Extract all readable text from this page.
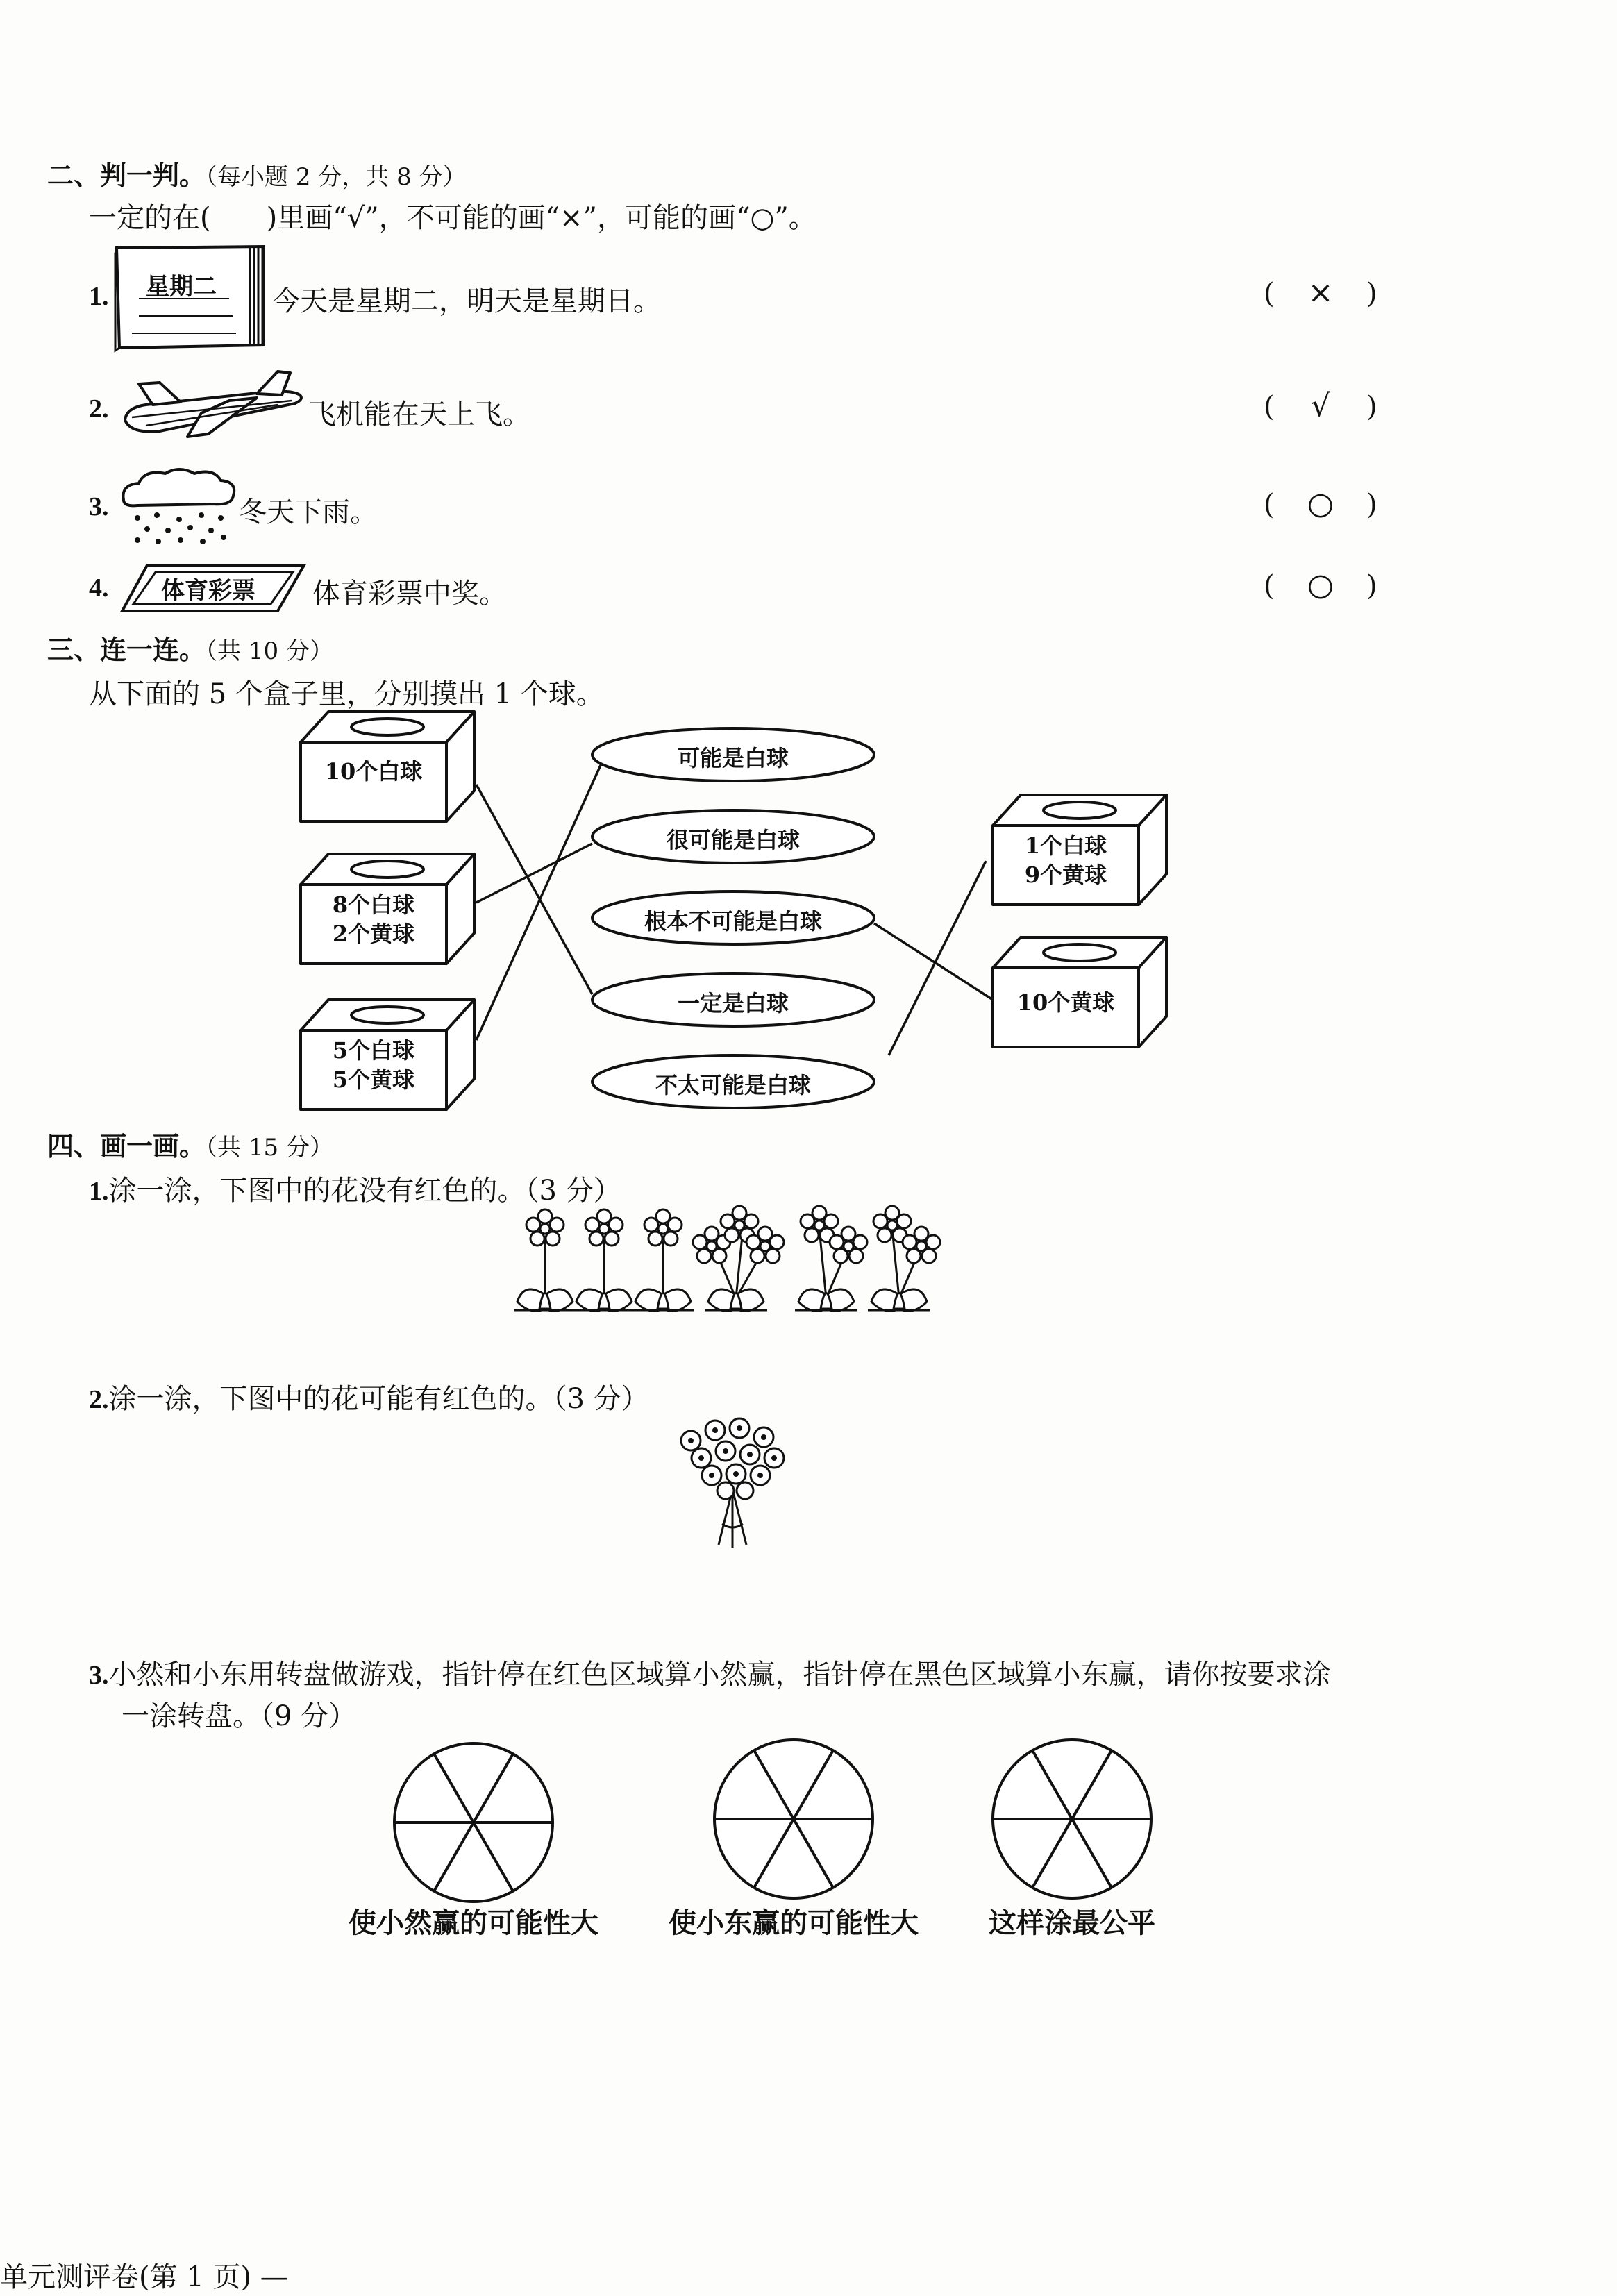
二、判一判。（每小题 2 分，共 8 分）
一定的在(　　)里画“√”，不可能的画“×”，可能的画“○”。
1. 星期二 今天是星期二，明天是星期日。	(	×	)
2.	飞机能在天上飞。	(	√	)
3.	冬天下雨。	(	○	)
4. 体育彩票 体育彩票中奖。	(	○	)
三、连一连。（共 10 分）
从下面的 5 个盒子里，分别摸出 1 个球。
10个白球
8个白球
2个黄球
5个白球
5个黄球
1个白球
9个黄球
10个黄球
可能是白球
很可能是白球
根本不可能是白球
一定是白球
不太可能是白球
四、画一画。（共 15 分）
1.涂一涂，下图中的花没有红色的。（3 分）
2.涂一涂，下图中的花可能有红色的。（3 分）
3.小然和小东用转盘做游戏，指针停在红色区域算小然赢，指针停在黑色区域算小东赢，请你按要求涂
一涂转盘。（9 分）
使小然赢的可能性大	使小东赢的可能性大	这样涂最公平
单元测评卷(第 1 页) —
